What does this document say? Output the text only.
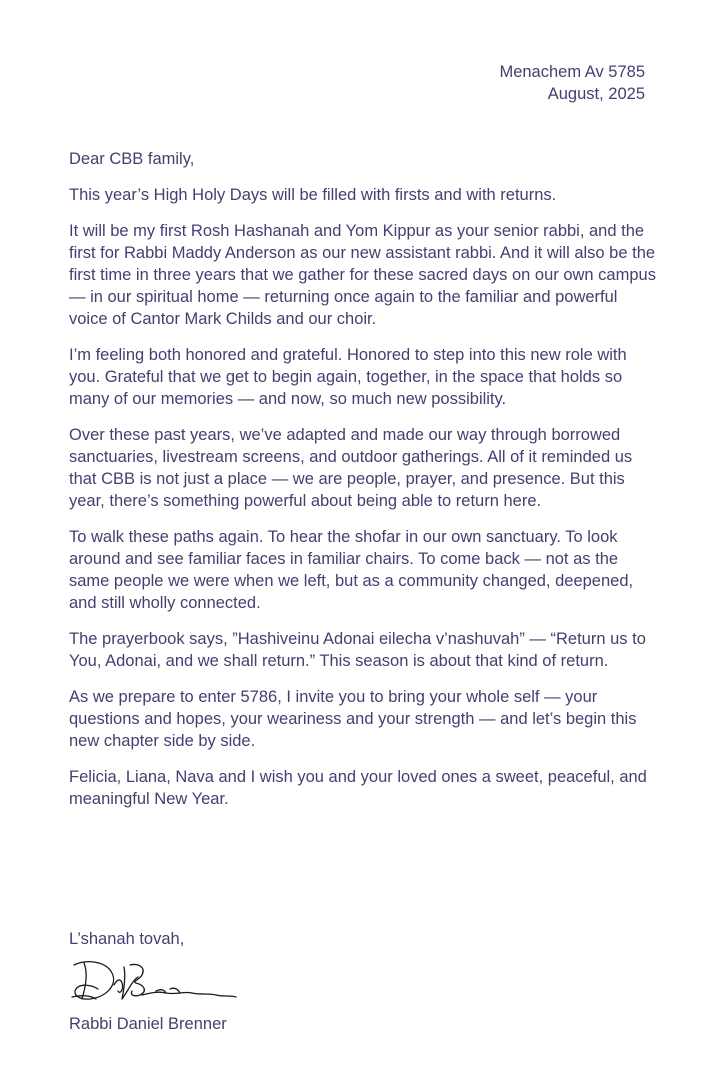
Menachem Av 5785
August, 2025

Dear CBB family,

This year’s High Holy Days will be filled with firsts and with returns.

It will be my first Rosh Hashanah and Yom Kippur as your senior rabbi, and the first for Rabbi Maddy Anderson as our new assistant rabbi. And it will also be the first time in three years that we gather for these sacred days on our own campus — in our spiritual home — returning once again to the familiar and powerful voice of Cantor Mark Childs and our choir.

I’m feeling both honored and grateful. Honored to step into this new role with you. Grateful that we get to begin again, together, in the space that holds so many of our memories — and now, so much new possibility.

Over these past years, we’ve adapted and made our way through borrowed sanctuaries, livestream screens, and outdoor gatherings. All of it reminded us that CBB is not just a place — we are people, prayer, and presence. But this year, there’s something powerful about being able to return here.

To walk these paths again. To hear the shofar in our own sanctuary. To look around and see familiar faces in familiar chairs. To come back — not as the same people we were when we left, but as a community changed, deepened, and still wholly connected.

The prayerbook says, ”Hashiveinu Adonai eilecha v’nashuvah” — “Return us to You, Adonai, and we shall return.” This season is about that kind of return.

As we prepare to enter 5786, I invite you to bring your whole self — your questions and hopes, your weariness and your strength — and let’s begin this new chapter side by side.

Felicia, Liana, Nava and I wish you and your loved ones a sweet, peaceful, and meaningful New Year.

L’shanah tovah,
Rabbi Daniel Brenner
